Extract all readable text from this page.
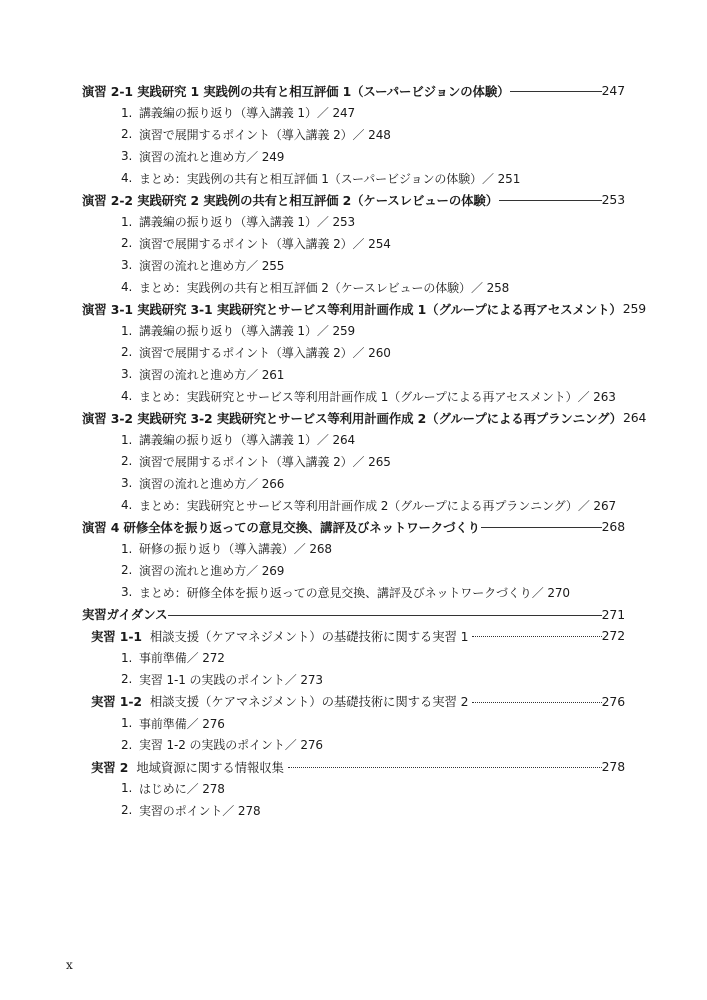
演習 2-1 実践研究 1 実践例の共有と相互評価 1（スーパービジョンの体験）	247
1. 講義編の振り返り（導入講義 1）／ 247
2. 演習で展開するポイント（導入講義 2）／ 248
3. 演習の流れと進め方／ 249
4. まとめ：実践例の共有と相互評価 1（スーパービジョンの体験）／ 251
演習 2-2 実践研究 2 実践例の共有と相互評価 2（ケースレビューの体験）	253
1. 講義編の振り返り（導入講義 1）／ 253
2. 演習で展開するポイント（導入講義 2）／ 254
3. 演習の流れと進め方／ 255
4. まとめ：実践例の共有と相互評価 2（ケースレビューの体験）／ 258
演習 3-1 実践研究 3-1 実践研究とサービス等利用計画作成 1（グループによる再アセスメント） 259
1. 講義編の振り返り（導入講義 1）／ 259
2. 演習で展開するポイント（導入講義 2）／ 260
3. 演習の流れと進め方／ 261
4. まとめ：実践研究とサービス等利用計画作成 1（グループによる再アセスメント）／ 263
演習 3-2 実践研究 3-2 実践研究とサービス等利用計画作成 2（グループによる再プランニング） 264
1. 講義編の振り返り（導入講義 1）／ 264
2. 演習で展開するポイント（導入講義 2）／ 265
3. 演習の流れと進め方／ 266
4. まとめ：実践研究とサービス等利用計画作成 2（グループによる再プランニング）／ 267
演習 4 研修全体を振り返っての意見交換、講評及びネットワークづくり	268
1. 研修の振り返り（導入講義）／ 268
2. 演習の流れと進め方／ 269
3. まとめ：研修全体を振り返っての意見交換、講評及びネットワークづくり／ 270
実習ガイダンス	271
実習 1-1 相談支援（ケアマネジメント）の基礎技術に関する実習 1	272
1. 事前準備／ 272
2. 実習 1-1 の実践のポイント／ 273
実習 1-2 相談支援（ケアマネジメント）の基礎技術に関する実習 2	276
1. 事前準備／ 276
2. 実習 1-2 の実践のポイント／ 276
実習 2 地域資源に関する情報収集	278
1. はじめに／ 278
2. 実習のポイント／ 278
x
